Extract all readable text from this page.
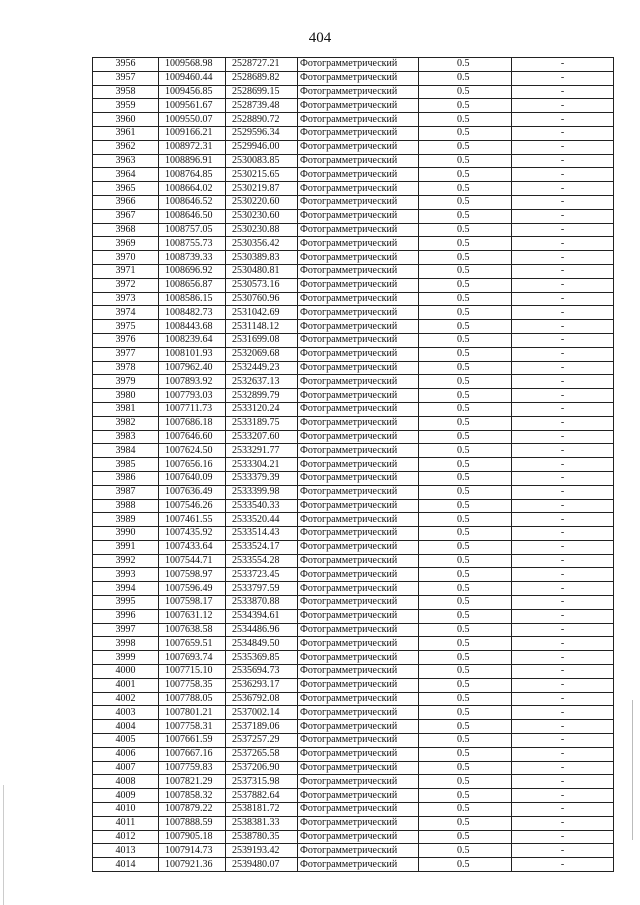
404
3956	1009568.98	2528727.21	Фотограмметрический	0.5	-
3957	1009460.44	2528689.82	Фотограмметрический	0.5	-
3958	1009456.85	2528699.15	Фотограмметрический	0.5	-
3959	1009561.67	2528739.48	Фотограмметрический	0.5	-
3960	1009550.07	2528890.72	Фотограмметрический	0.5	-
3961	1009166.21	2529596.34	Фотограмметрический	0.5	-
3962	1008972.31	2529946.00	Фотограмметрический	0.5	-
3963	1008896.91	2530083.85	Фотограмметрический	0.5	-
3964	1008764.85	2530215.65	Фотограмметрический	0.5	-
3965	1008664.02	2530219.87	Фотограмметрический	0.5	-
3966	1008646.52	2530220.60	Фотограмметрический	0.5	-
3967	1008646.50	2530230.60	Фотограмметрический	0.5	-
3968	1008757.05	2530230.88	Фотограмметрический	0.5	-
3969	1008755.73	2530356.42	Фотограмметрический	0.5	-
3970	1008739.33	2530389.83	Фотограмметрический	0.5	-
3971	1008696.92	2530480.81	Фотограмметрический	0.5	-
3972	1008656.87	2530573.16	Фотограмметрический	0.5	-
3973	1008586.15	2530760.96	Фотограмметрический	0.5	-
3974	1008482.73	2531042.69	Фотограмметрический	0.5	-
3975	1008443.68	2531148.12	Фотограмметрический	0.5	-
3976	1008239.64	2531699.08	Фотограмметрический	0.5	-
3977	1008101.93	2532069.68	Фотограмметрический	0.5	-
3978	1007962.40	2532449.23	Фотограмметрический	0.5	-
3979	1007893.92	2532637.13	Фотограмметрический	0.5	-
3980	1007793.03	2532899.79	Фотограмметрический	0.5	-
3981	1007711.73	2533120.24	Фотограмметрический	0.5	-
3982	1007686.18	2533189.75	Фотограмметрический	0.5	-
3983	1007646.60	2533207.60	Фотограмметрический	0.5	-
3984	1007624.50	2533291.77	Фотограмметрический	0.5	-
3985	1007656.16	2533304.21	Фотограмметрический	0.5	-
3986	1007640.09	2533379.39	Фотограмметрический	0.5	-
3987	1007636.49	2533399.98	Фотограмметрический	0.5	-
3988	1007546.26	2533540.33	Фотограмметрический	0.5	-
3989	1007461.55	2533520.44	Фотограмметрический	0.5	-
3990	1007435.92	2533514.43	Фотограмметрический	0.5	-
3991	1007433.64	2533524.17	Фотограмметрический	0.5	-
3992	1007544.71	2533554.28	Фотограмметрический	0.5	-
3993	1007598.97	2533723.45	Фотограмметрический	0.5	-
3994	1007596.49	2533797.59	Фотограмметрический	0.5	-
3995	1007598.17	2533870.88	Фотограмметрический	0.5	-
3996	1007631.12	2534394.61	Фотограмметрический	0.5	-
3997	1007638.58	2534486.96	Фотограмметрический	0.5	-
3998	1007659.51	2534849.50	Фотограмметрический	0.5	-
3999	1007693.74	2535369.85	Фотограмметрический	0.5	-
4000	1007715.10	2535694.73	Фотограмметрический	0.5	-
4001	1007758.35	2536293.17	Фотограмметрический	0.5	-
4002	1007788.05	2536792.08	Фотограмметрический	0.5	-
4003	1007801.21	2537002.14	Фотограмметрический	0.5	-
4004	1007758.31	2537189.06	Фотограмметрический	0.5	-
4005	1007661.59	2537257.29	Фотограмметрический	0.5	-
4006	1007667.16	2537265.58	Фотограмметрический	0.5	-
4007	1007759.83	2537206.90	Фотограмметрический	0.5	-
4008	1007821.29	2537315.98	Фотограмметрический	0.5	-
4009	1007858.32	2537882.64	Фотограмметрический	0.5	-
4010	1007879.22	2538181.72	Фотограмметрический	0.5	-
4011	1007888.59	2538381.33	Фотограмметрический	0.5	-
4012	1007905.18	2538780.35	Фотограмметрический	0.5	-
4013	1007914.73	2539193.42	Фотограмметрический	0.5	-
4014	1007921.36	2539480.07	Фотограмметрический	0.5	-
